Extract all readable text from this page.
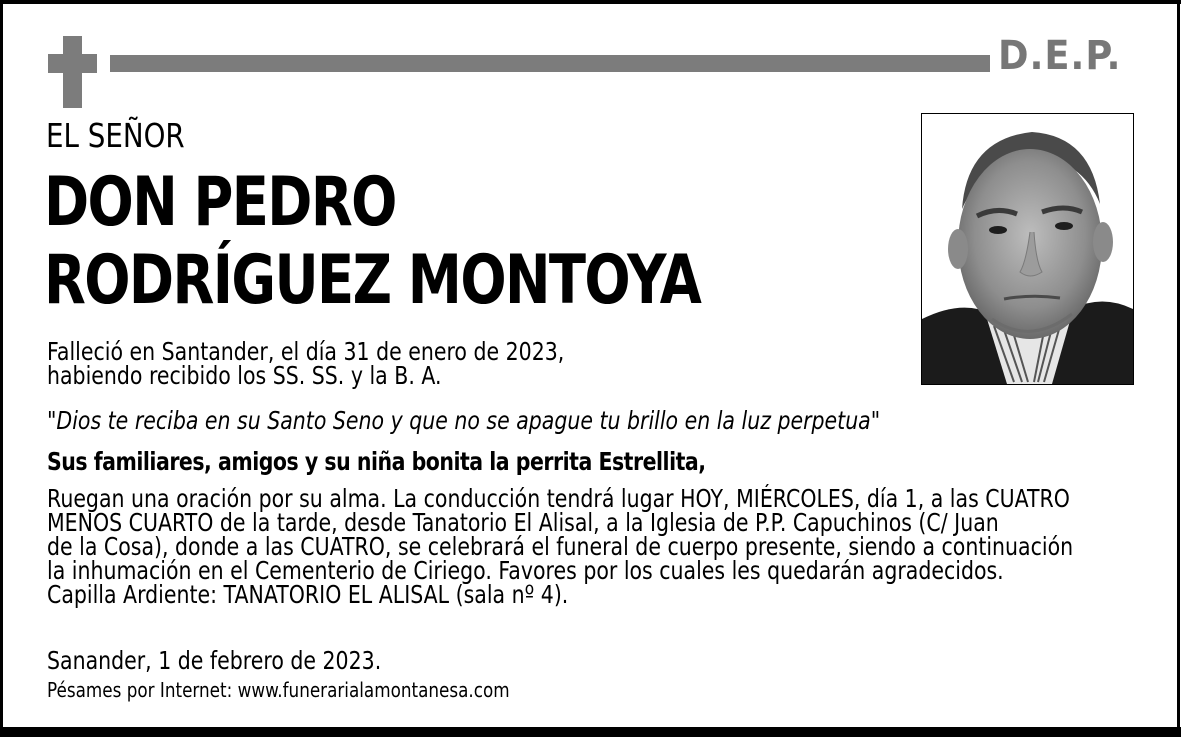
D.E.P.
EL SEÑOR
DON PEDRO
RODRÍGUEZ MONTOYA
Falleció en Santander, el día 31 de enero de 2023,
habiendo recibido los SS. SS. y la B. A.
"Dios te reciba en su Santo Seno y que no se apague tu brillo en la luz perpetua"
Sus familiares, amigos y su niña bonita la perrita Estrellita,
Ruegan una oración por su alma. La conducción tendrá lugar HOY, MIÉRCOLES, día 1, a las CUATRO
MENOS CUARTO de la tarde, desde Tanatorio El Alisal, a la Iglesia de P.P. Capuchinos (C/ Juan
de la Cosa), donde a las CUATRO, se celebrará el funeral de cuerpo presente, siendo a continuación
la inhumación en el Cementerio de Ciriego. Favores por los cuales les quedarán agradecidos.
Capilla Ardiente: TANATORIO EL ALISAL (sala nº 4).
Sanander, 1 de febrero de 2023.
Pésames por Internet: www.funerarialamontanesa.com
